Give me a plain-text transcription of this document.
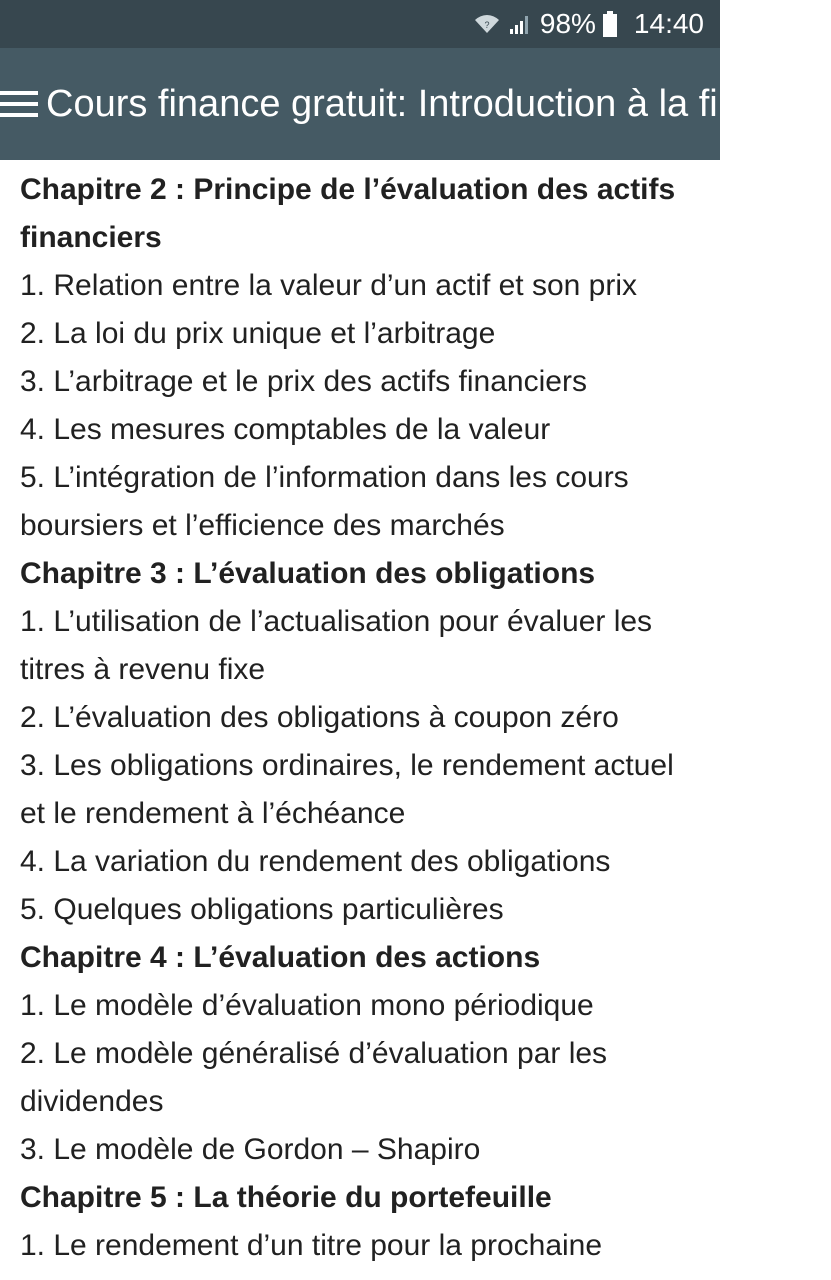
? 98% 14:40
Cours finance gratuit: Introduction à la finance

Chapitre 2 : Principe de l’évaluation des actifs financiers

1. Relation entre la valeur d’un actif et son prix

2. La loi du prix unique et l’arbitrage

3. L’arbitrage et le prix des actifs financiers

4. Les mesures comptables de la valeur

5. L’intégration de l’information dans les cours boursiers et l’efficience des marchés

Chapitre 3 : L’évaluation des obligations

1. L’utilisation de l’actualisation pour évaluer les titres à revenu fixe

2. L’évaluation des obligations à coupon zéro

3. Les obligations ordinaires, le rendement actuel et le rendement à l’échéance

4. La variation du rendement des obligations

5. Quelques obligations particulières

Chapitre 4 : L’évaluation des actions

1. Le modèle d’évaluation mono périodique

2. Le modèle généralisé d’évaluation par les dividendes

3. Le modèle de Gordon – Shapiro

Chapitre 5 : La théorie du portefeuille

1. Le rendement d’un titre pour la prochaine
